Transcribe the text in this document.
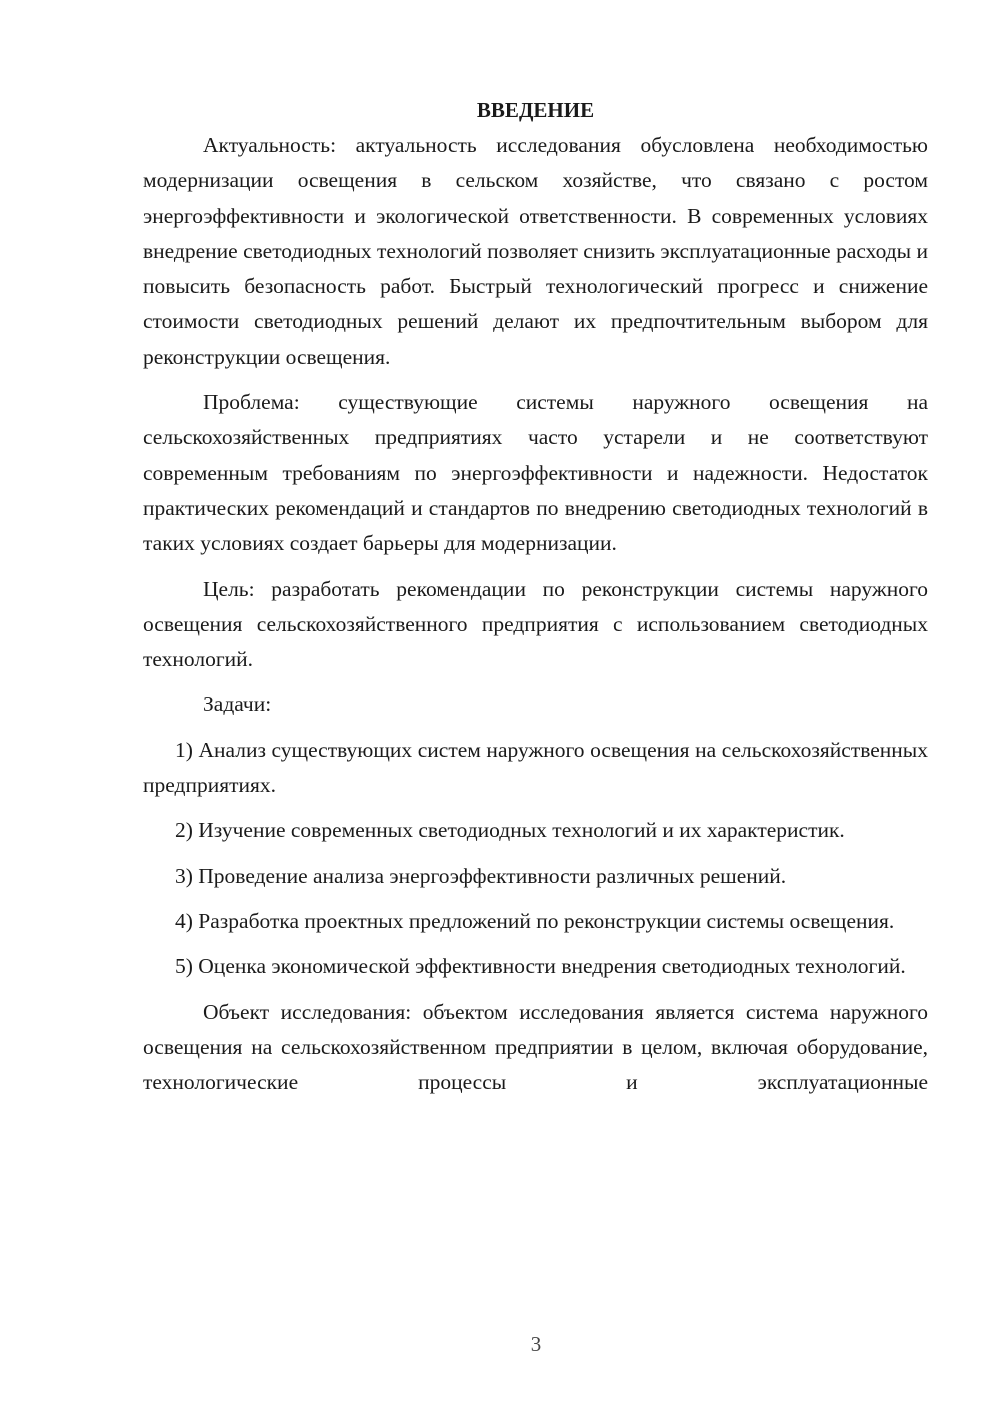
ВВЕДЕНИЕ

Актуальность: актуальность исследования обусловлена необходимостью модернизации освещения в сельском хозяйстве, что связано с ростом энергоэффективности и экологической ответственности. В современных условиях внедрение светодиодных технологий позволяет снизить эксплуатационные расходы и повысить безопасность работ. Быстрый технологический прогресс и снижение стоимости светодиодных решений делают их предпочтительным выбором для реконструкции освещения.

Проблема: существующие системы наружного освещения на сельскохозяйственных предприятиях часто устарели и не соответствуют современным требованиям по энергоэффективности и надежности. Недостаток практических рекомендаций и стандартов по внедрению светодиодных технологий в таких условиях создает барьеры для модернизации.

Цель: разработать рекомендации по реконструкции системы наружного освещения сельскохозяйственного предприятия с использованием светодиодных технологий.

Задачи:

1) Анализ существующих систем наружного освещения на сельскохозяйственных предприятиях.

2) Изучение современных светодиодных технологий и их характеристик.

3) Проведение анализа энергоэффективности различных решений.

4) Разработка проектных предложений по реконструкции системы освещения.

5) Оценка экономической эффективности внедрения светодиодных технологий.

Объект исследования: объектом исследования является система наружного освещения на сельскохозяйственном предприятии в целом, включая оборудование, технологические процессы и эксплуатационные

3
